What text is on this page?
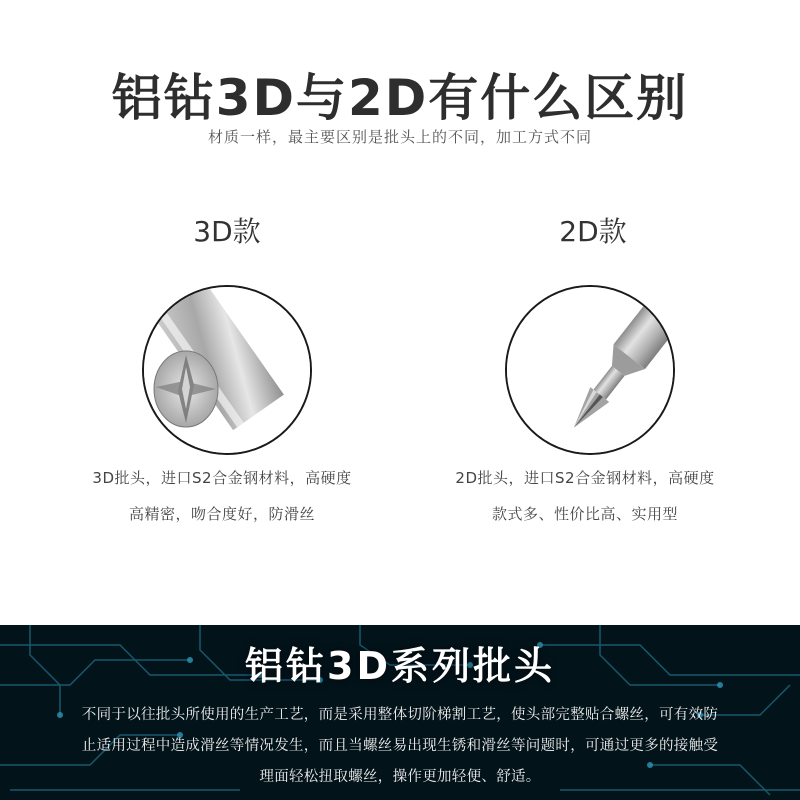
铝钻3D与2D有什么区别
材质一样，最主要区别是批头上的不同，加工方式不同
3D款	2D款
3D批头，进口S2合金钢材料，高硬度
高精密，吻合度好，防滑丝
2D批头，进口S2合金钢材料，高硬度
款式多、性价比高、实用型
铝钻3D系列批头
不同于以往批头所使用的生产工艺，而是采用整体切阶梯割工艺，使头部完整贴合螺丝，可有效防
止适用过程中造成滑丝等情况发生，而且当螺丝易出现生锈和滑丝等问题时，可通过更多的接触受
理面轻松扭取螺丝，操作更加轻便、舒适。
